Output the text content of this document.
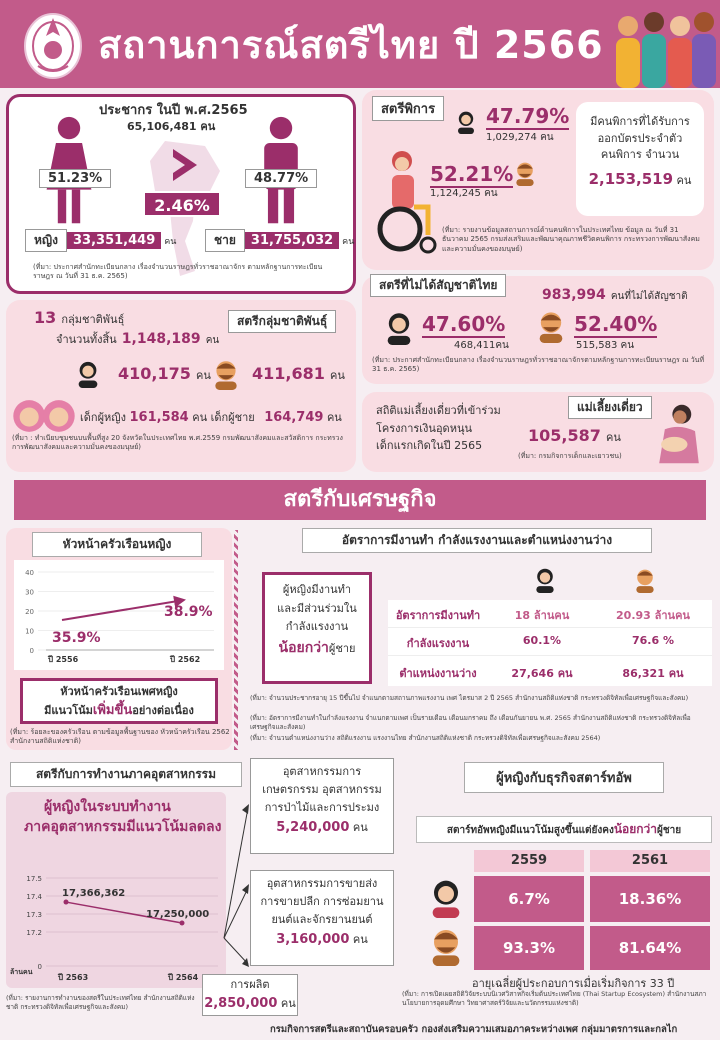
สถานการณ์สตรีไทย ปี 2566
ประชากร ในปี พ.ศ.2565
65,106,481 คน
51.23%	48.77%
2.46%
หญิง	33,351,449	คน	ชาย	31,755,032	คน
(ที่มา: ประกาศสำนักทะเบียนกลาง เรื่องจำนวนราษฎรทั่วราชอาณาจักร ตามหลักฐานการทะเบียนราษฎร ณ วันที่ 31 ธ.ค. 2565)
สตรีพิการ	47.79%
1,029,274 คน
52.21%
1,124,245 คน
มีคนพิการที่ได้รับการ
ออกบัตรประจำตัว
คนพิการ จำนวน
2,153,519 คน
(ที่มา: รายงานข้อมูลสถานการณ์ด้านคนพิการในประเทศไทย ข้อมูล ณ วันที่ 31 ธันวาคม 2565 กรมส่งเสริมและพัฒนาคุณภาพชีวิตคนพิการ กระทรวงการพัฒนาสังคมและความมั่นคงของมนุษย์)
สตรีกลุ่มชาติพันธุ์
13 กลุ่มชาติพันธุ์
จำนวนทั้งสิ้น 1,148,189 คน
410,175 คน	411,681 คน
เด็กผู้หญิง 161,584 คน เด็กผู้ชาย 164,749 คน
(ที่มา : ทำเนียบชุมชนบนพื้นที่สูง 20 จังหวัดในประเทศไทย พ.ศ.2559 กรมพัฒนาสังคมและสวัสดิการ กระทรวงการพัฒนาสังคมและความมั่นคงของมนุษย์)
สตรีที่ไม่ได้สัญชาติไทย
983,994 คนที่ไม่ได้สัญชาติ
47.60%
468,411คน
52.40%
515,583 คน
(ที่มา: ประกาศสำนักทะเบียนกลาง เรื่องจำนวนราษฎรทั่วราชอาณาจักรตามหลักฐานการทะเบียนราษฎร ณ วันที่ 31 ธ.ค. 2565)
แม่เลี้ยงเดี่ยว
สถิติแม่เลี้ยงเดี่ยวที่เข้าร่วม
โครงการเงินอุดหนุน
เด็กแรกเกิดในปี 2565
105,587 คน
(ที่มา: กรมกิจการเด็กและเยาวชน)
สตรีกับเศรษฐกิจ
หัวหน้าครัวเรือนหญิง
40
30
20
10
0
35.9%
38.9%
ปี 2556	ปี 2562
หัวหน้าครัวเรือนเพศหญิง
มีแนวโน้มเพิ่มขึ้นอย่างต่อเนื่อง
(ที่มา: ร้อยละของครัวเรือน ตามข้อมูลพื้นฐานของ หัวหน้าครัวเรือน 2562 สำนักงานสถิติแห่งชาติ)
อัตราการมีงานทำ กำลังแรงงานและตำแหน่งงานว่าง
ผู้หญิงมีงานทำ
และมีส่วนร่วมใน
กำลังแรงงาน
น้อยกว่าผู้ชาย
อัตราการมีงานทำ	18 ล้านคน	20.93 ล้านคน
กำลังแรงงาน	60.1%	76.6 %
ตำแหน่งงานว่าง	27,646 คน	86,321 คน
(ที่มา: จำนวนประชากรอายุ 15 ปีขึ้นไป จำแนกตามสถานภาพแรงงาน เพศ ไตรมาส 2 ปี 2565 สำนักงานสถิติแห่งชาติ กระทรวงดิจิทัลเพื่อเศรษฐกิจและสังคม)
(ที่มา: อัตราการมีงานทำในกำลังแรงงาน จำแนกตามเพศ เป็นรายเดือน เดือนมกราคม ถึง เดือนกันยายน พ.ศ. 2565 สำนักงานสถิติแห่งชาติ กระทรวงดิจิทัลเพื่อเศรษฐกิจและสังคม)
(ที่มา: จำนวนตำแหน่งงานว่าง สถิติแรงงาน แรงงานไทย สำนักงานสถิติแห่งชาติ กระทรวงดิจิทัลเพื่อเศรษฐกิจและสังคม 2564)
สตรีกับการทำงานภาคอุตสาหกรรม
ผู้หญิงในระบบทำงาน
ภาคอุตสาหกรรมมีแนวโน้มลดลง
17.5
17.4
17.3
17.2
0
17,366,362
17,250,000
ปี 2563	ปี 2564
ล้านคน
อุตสาหกรรมการ
เกษตรกรรม อุตสาหกรรม
การป่าไม้และการประมง
5,240,000 คน
อุตสาหกรรมการขายส่ง
การขายปลีก การซ่อมยาน
ยนต์และจักรยานยนต์
3,160,000 คน
การผลิต
2,850,000 คน
(ที่มา: รายงานการทำงานของสตรีในประเทศไทย สำนักงานสถิติแห่งชาติ กระทรวงดิจิทัลเพื่อเศรษฐกิจและสังคม)
ผู้หญิงกับธุรกิจสตาร์ทอัพ
สตาร์ทอัพหญิงมีแนวโน้มสูงขึ้นแต่ยังคงน้อยกว่าผู้ชาย
2559	2561
6.7%	18.36%
93.3%	81.64%
อายุเฉลี่ยผู้ประกอบการเมื่อเริ่มกิจการ 33 ปี
(ที่มา: การเปิดเผยสถิติวิจัยระบบนิเวศวิสาหกิจเริ่มต้นประเทศไทย (Thai Startup Ecosystem) สำนักงานสภานโยบายการอุดมศึกษา วิทยาศาสตร์วิจัยและนวัตกรรมแห่งชาติ)
กรมกิจการสตรีและสถาบันครอบครัว กองส่งเสริมความเสมอภาคระหว่างเพศ กลุ่มมาตรการและกลไก
